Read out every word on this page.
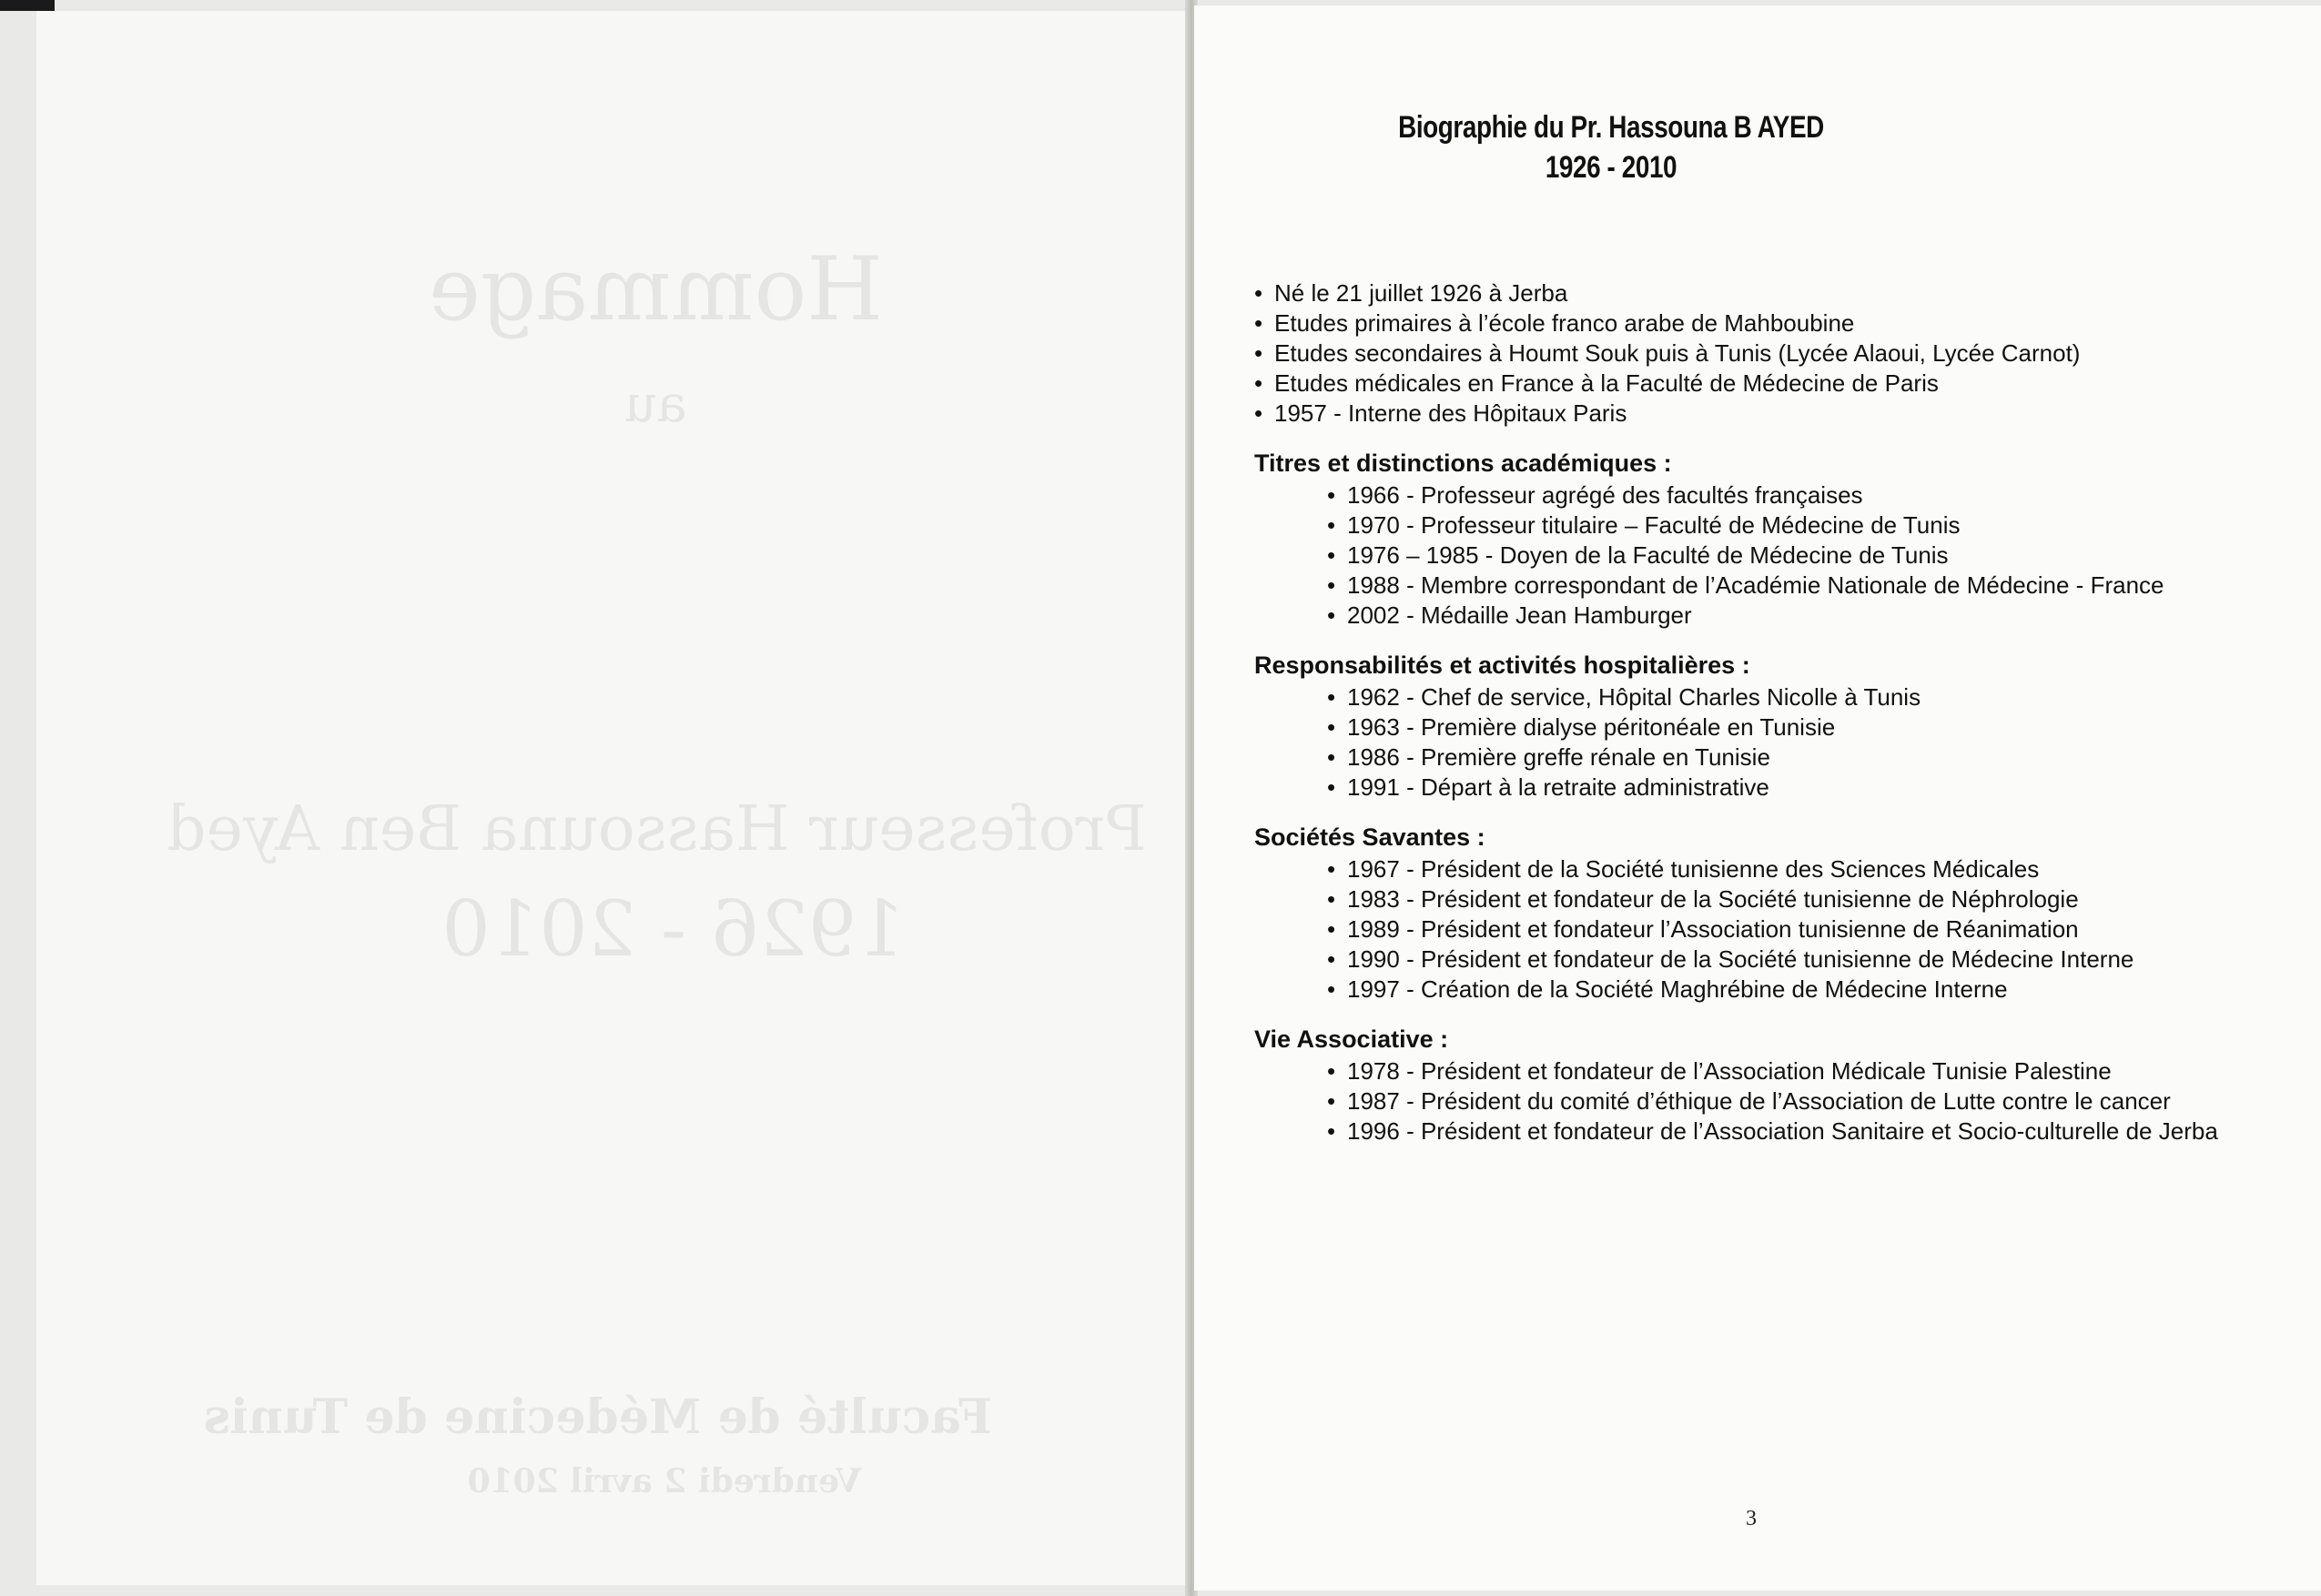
Hommage
au
Professeur Hassouna Ben Ayed
1926 - 2010
Faculté de Médecine de Tunis
Vendredi 2 avril 2010
Biographie du Pr. Hassouna B AYED
1926 - 2010
• Né le 21 juillet 1926 à Jerba
• Etudes primaires à l’école franco arabe de Mahboubine
• Etudes secondaires à Houmt Souk puis à Tunis (Lycée Alaoui, Lycée Carnot)
• Etudes médicales en France à la Faculté de Médecine de Paris
• 1957 - Interne des Hôpitaux Paris
Titres et distinctions académiques :
• 1966 - Professeur agrégé des facultés françaises
• 1970 - Professeur titulaire – Faculté de Médecine de Tunis
• 1976 – 1985 - Doyen de la Faculté de Médecine de Tunis
• 1988 - Membre correspondant de l’Académie Nationale de Médecine - France
• 2002 - Médaille Jean Hamburger
Responsabilités et activités hospitalières :
• 1962 - Chef de service, Hôpital Charles Nicolle à Tunis
• 1963 - Première dialyse péritonéale en Tunisie
• 1986 - Première greffe rénale en Tunisie
• 1991 - Départ à la retraite administrative
Sociétés Savantes :
• 1967 - Président de la Société tunisienne des Sciences Médicales
• 1983 - Président et fondateur de la Société tunisienne de Néphrologie
• 1989 - Président et fondateur l’Association tunisienne de Réanimation
• 1990 - Président et fondateur de la Société tunisienne de Médecine Interne
• 1997 - Création de la Société Maghrébine de Médecine Interne
Vie Associative :
• 1978 - Président et fondateur de l’Association Médicale Tunisie Palestine
• 1987 - Président du comité d’éthique de l’Association de Lutte contre le cancer
• 1996 - Président et fondateur de l’Association Sanitaire et Socio-culturelle de Jerba
3
